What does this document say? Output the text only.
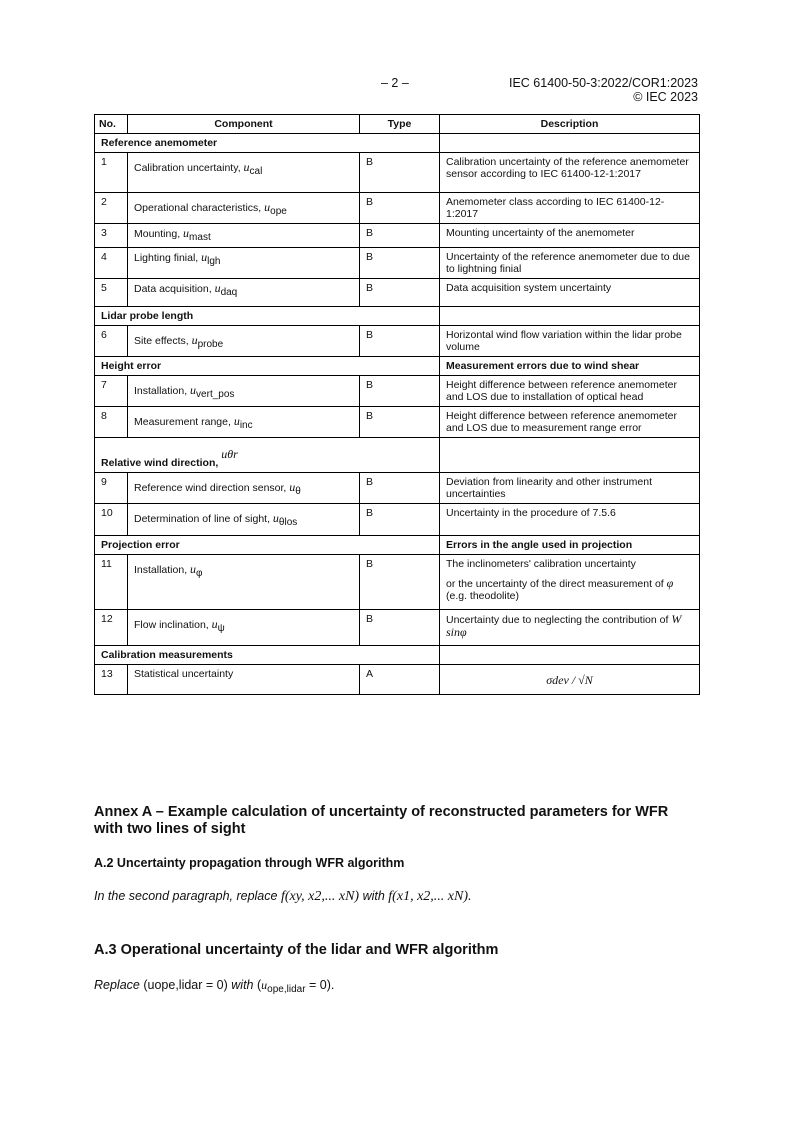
– 2 –	IEC 61400-50-3:2022/COR1:2023
© IEC 2023
No.	Component	Type	Description
Reference anemometer			
1	Calibration uncertainty, ucal	B	Calibration uncertainty of the reference anemometer sensor according to IEC 61400-12-1:2017
2	Operational characteristics, uope	B	Anemometer class according to IEC 61400-12-1:2017
3	Mounting, umast	B	Mounting uncertainty of the anemometer
4	Lighting finial, ulgh	B	Uncertainty of the reference anemometer due to due to lightning finial
5	Data acquisition, udaq	B	Data acquisition system uncertainty
Lidar probe length			
6	Site effects, uprobe	B	Horizontal wind flow variation within the lidar probe volume
Height error			Measurement errors due to wind shear
7	Installation, uvert_pos	B	Height difference between reference anemometer and LOS due to installation of optical head
8	Measurement range, uinc	B	Height difference between reference anemometer and LOS due to measurement range error
Relative wind direction, uθr			
9	Reference wind direction sensor, uθ	B	Deviation from linearity and other instrument uncertainties
10	Determination of line of sight, uθlos	B	Uncertainty in the procedure of 7.5.6
Projection error			Errors in the angle used in projection
11	Installation, uφ	B	The inclinometers' calibration uncertainty
or the uncertainty of the direct measurement of φ (e.g. theodolite)

12	Flow inclination, uψ	B	Uncertainty due to neglecting the contribution of W sinφ
Calibration measurements			
13	Statistical uncertainty	A	σdev / √N
Annex A – Example calculation of uncertainty of reconstructed parameters for WFR with two lines of sight
A.2 Uncertainty propagation through WFR algorithm
In the second paragraph, replace f(xy, x2,... xN) with f(x1, x2,... xN).
A.3 Operational uncertainty of the lidar and WFR algorithm
Replace (uope,lidar = 0) with $(u_{ope,lidar} = 0)$.
